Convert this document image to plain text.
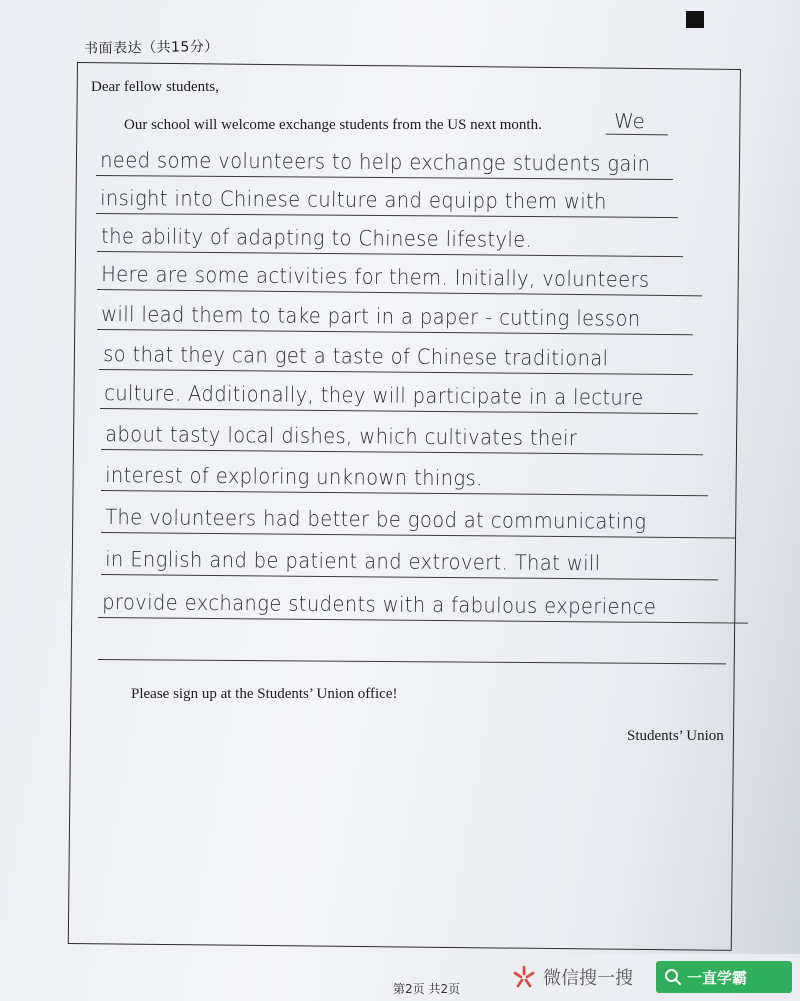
书面表达（共15分）
Dear fellow students,
Our school will welcome exchange students from the US next month.	We
need some volunteers to help exchange students gain
insight into Chinese culture and equipp them with
the ability of adapting to Chinese lifestyle.
Here are some activities for them. Initially, volunteers
will lead them to take part in a paper - cutting lesson
so that they can get a taste of Chinese traditional
culture. Additionally, they will participate in a lecture
about tasty local dishes, which cultivates their
interest of exploring unknown things.
The volunteers had better be good at communicating
in English and be patient and extrovert. That will
provide exchange students with a fabulous experience
Please sign up at the Students’ Union office!
Students’ Union
第2页 共2页	微信搜一搜	一直学霸
